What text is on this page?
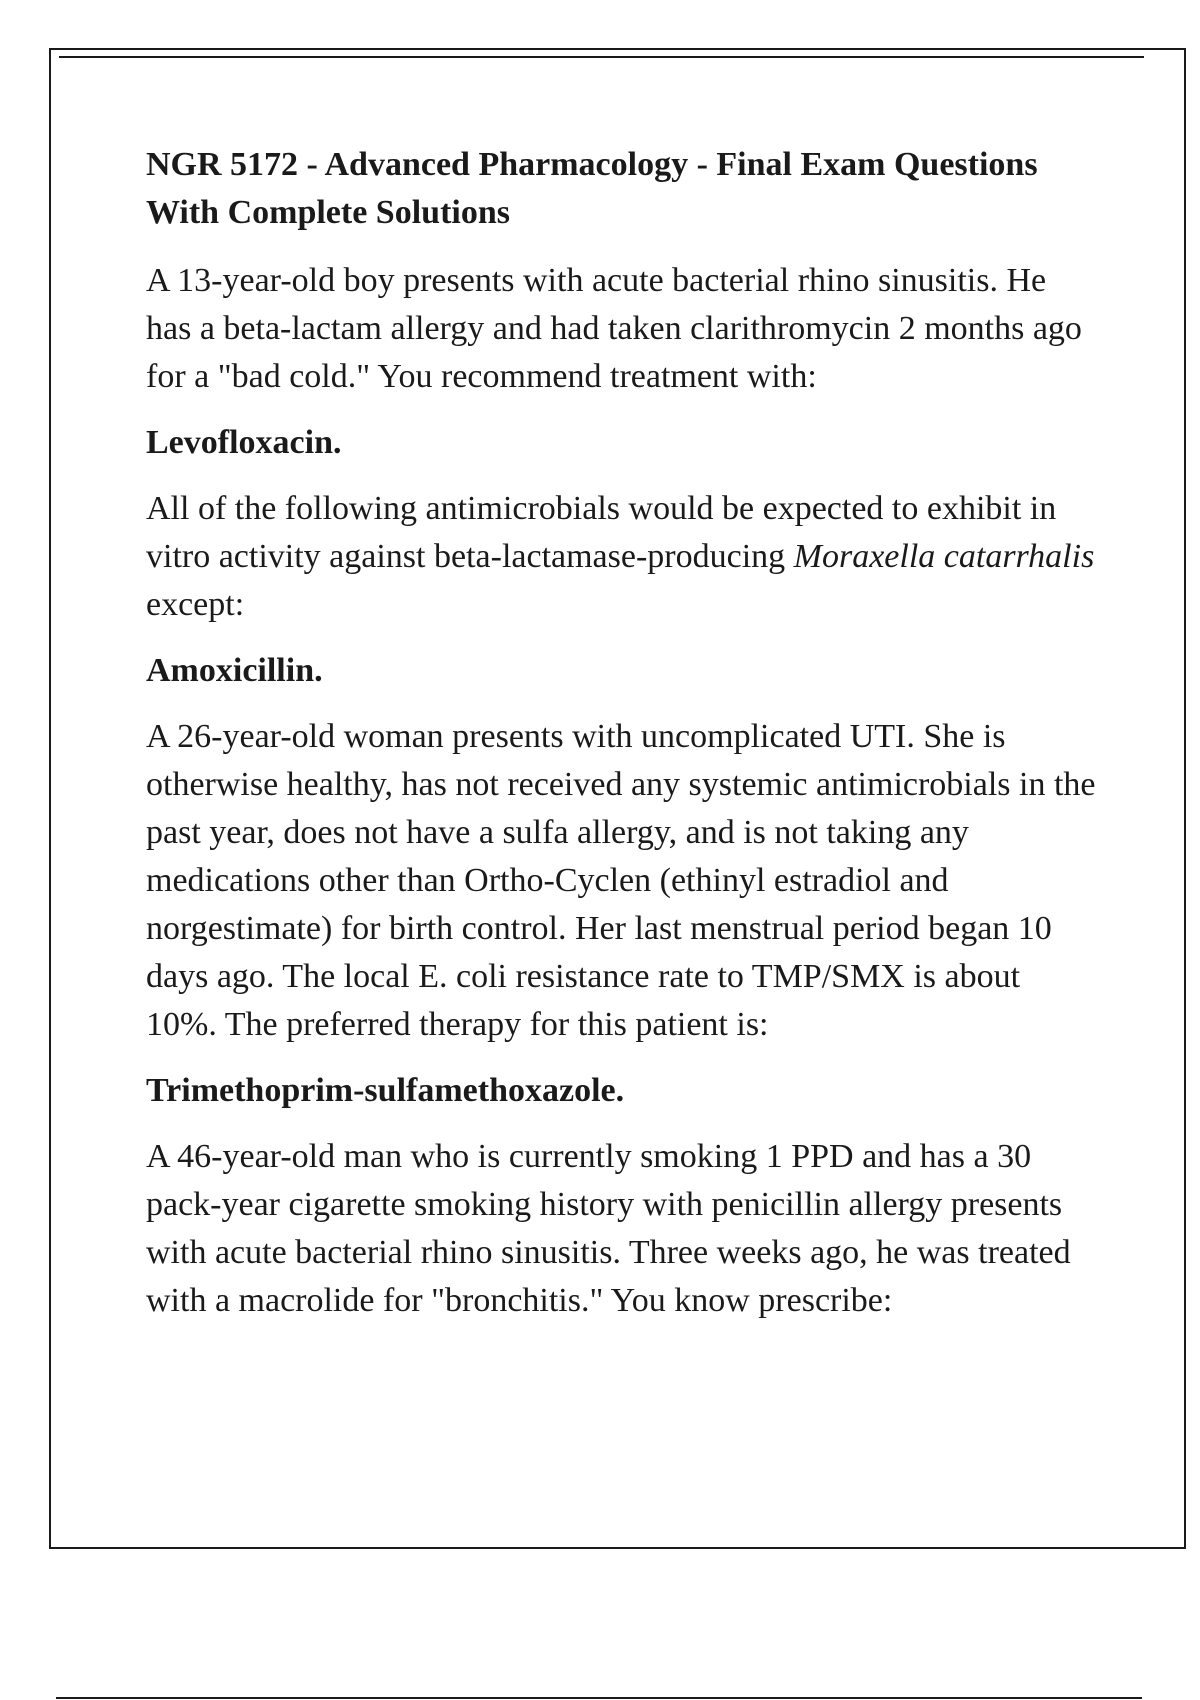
NGR 5172 - Advanced Pharmacology - Final Exam Questions With Complete Solutions

A 13-year-old boy presents with acute bacterial rhino sinusitis. He has a beta-lactam allergy and had taken clarithromycin 2 months ago for a "bad cold." You recommend treatment with:

Levofloxacin.

All of the following antimicrobials would be expected to exhibit in vitro activity against beta-lactamase-producing Moraxella catarrhalis except:

Amoxicillin.

A 26-year-old woman presents with uncomplicated UTI. She is otherwise healthy, has not received any systemic antimicrobials in the past year, does not have a sulfa allergy, and is not taking any medications other than Ortho-Cyclen (ethinyl estradiol and norgestimate) for birth control. Her last menstrual period began 10 days ago. The local E. coli resistance rate to TMP/SMX is about 10%. The preferred therapy for this patient is:

Trimethoprim-sulfamethoxazole.

A 46-year-old man who is currently smoking 1 PPD and has a 30 pack-year cigarette smoking history with penicillin allergy presents with acute bacterial rhino sinusitis. Three weeks ago, he was treated with a macrolide for "bronchitis." You know prescribe:
